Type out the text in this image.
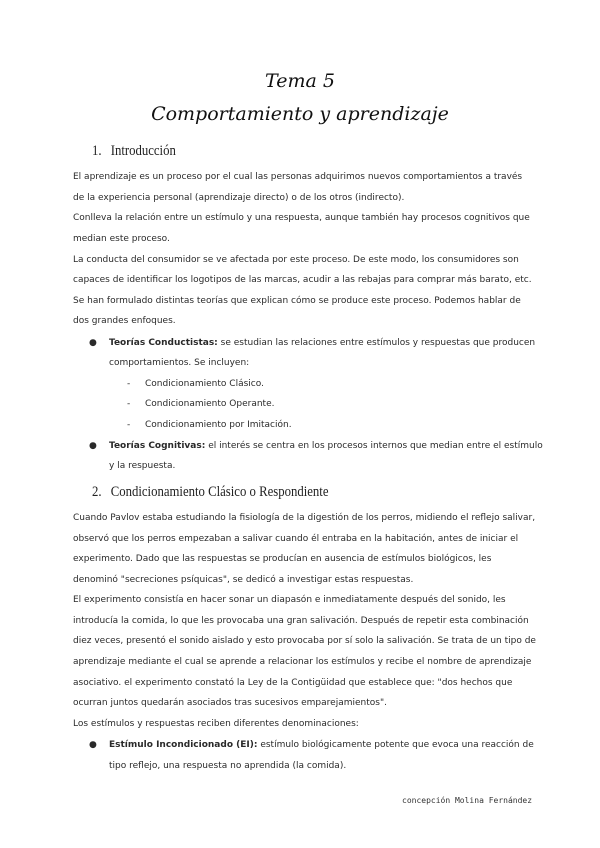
Tema 5
Comportamiento y aprendizaje
1. Introducción
El aprendizaje es un proceso por el cual las personas adquirimos nuevos comportamientos a través
de la experiencia personal (aprendizaje directo) o de los otros (indirecto).
Conlleva la relación entre un estímulo y una respuesta, aunque también hay procesos cognitivos que
median este proceso.
La conducta del consumidor se ve afectada por este proceso. De este modo, los consumidores son
capaces de identificar los logotipos de las marcas, acudir a las rebajas para comprar más barato, etc.
Se han formulado distintas teorías que explican cómo se produce este proceso. Podemos hablar de
dos grandes enfoques.
● Teorías Conductistas: se estudian las relaciones entre estímulos y respuestas que producen
comportamientos. Se incluyen:
- Condicionamiento Clásico.
- Condicionamiento Operante.
- Condicionamiento por Imitación.
● Teorías Cognitivas: el interés se centra en los procesos internos que median entre el estímulo
y la respuesta.
2. Condicionamiento Clásico o Respondiente
Cuando Pavlov estaba estudiando la fisiología de la digestión de los perros, midiendo el reflejo salivar,
observó que los perros empezaban a salivar cuando él entraba en la habitación, antes de iniciar el
experimento. Dado que las respuestas se producían en ausencia de estímulos biológicos, les
denominó "secreciones psíquicas", se dedicó a investigar estas respuestas.
El experimento consistía en hacer sonar un diapasón e inmediatamente después del sonido, les
introducía la comida, lo que les provocaba una gran salivación. Después de repetir esta combinación
diez veces, presentó el sonido aislado y esto provocaba por sí solo la salivación. Se trata de un tipo de
aprendizaje mediante el cual se aprende a relacionar los estímulos y recibe el nombre de aprendizaje
asociativo. el experimento constató la Ley de la Contigüidad que establece que: "dos hechos que
ocurran juntos quedarán asociados tras sucesivos emparejamientos".
Los estímulos y respuestas reciben diferentes denominaciones:
● Estímulo Incondicionado (EI): estímulo biológicamente potente que evoca una reacción de
tipo reflejo, una respuesta no aprendida (la comida).
concepción Molina Fernández
